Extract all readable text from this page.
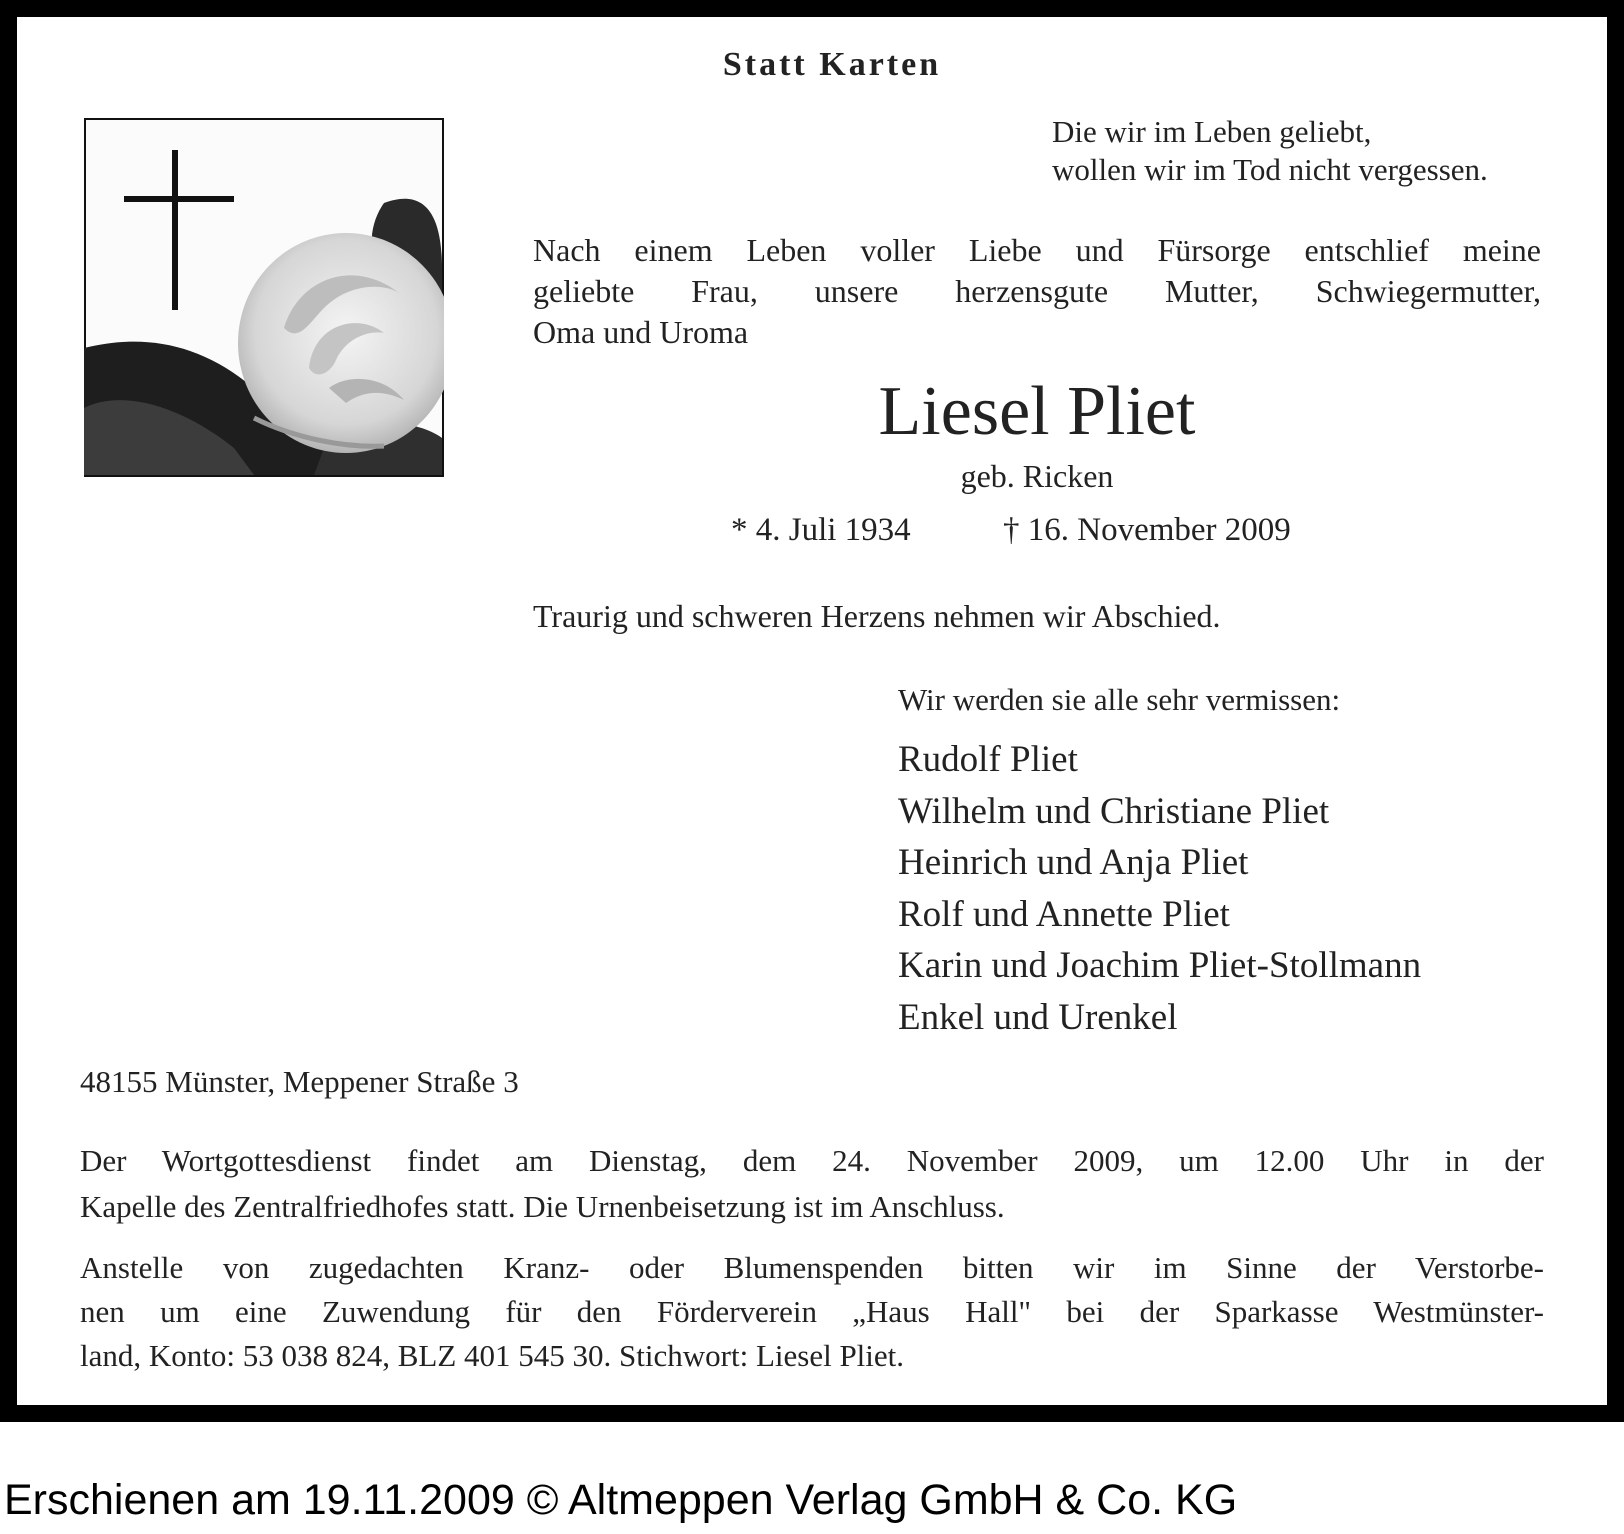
Statt Karten
Die wir im Leben geliebt,
wollen wir im Tod nicht vergessen.
Nach einem Leben voller Liebe und Fürsorge entschlief meine
geliebte Frau, unsere herzensgute Mutter, Schwiegermutter,
Oma und Uroma
Liesel Pliet
geb. Ricken
* 4. Juli 1934	† 16. November 2009
Traurig und schweren Herzens nehmen wir Abschied.
Wir werden sie alle sehr vermissen:
Rudolf Pliet
Wilhelm und Christiane Pliet
Heinrich und Anja Pliet
Rolf und Annette Pliet
Karin und Joachim Pliet-Stollmann
Enkel und Urenkel
48155 Münster, Meppener Straße 3
Der Wortgottesdienst findet am Dienstag, dem 24. November 2009, um 12.00 Uhr in der
Kapelle des Zentralfriedhofes statt. Die Urnenbeisetzung ist im Anschluss.
Anstelle von zugedachten Kranz- oder Blumenspenden bitten wir im Sinne der Verstorbe-
nen um eine Zuwendung für den Förderverein „Haus Hall" bei der Sparkasse Westmünster-
land, Konto: 53 038 824, BLZ 401 545 30. Stichwort: Liesel Pliet.
Erschienen am 19.11.2009 © Altmeppen Verlag GmbH & Co. KG
